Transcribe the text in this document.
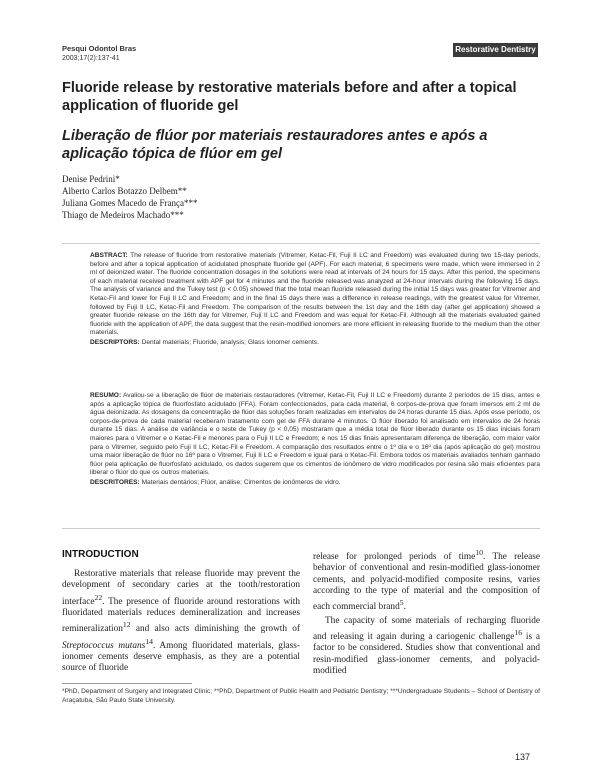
Pesqui Odontol Bras
2003;17(2):137-41
Restorative Dentistry
Fluoride release by restorative materials before and after a topical application of fluoride gel
Liberação de flúor por materiais restauradores antes e após a aplicação tópica de flúor em gel
Denise Pedrini*
Alberto Carlos Botazzo Delbem**
Juliana Gomes Macedo de França***
Thiago de Medeiros Machado***
ABSTRACT: The release of fluoride from restorative materials (Vitremer, Ketac-Fil, Fuji II LC and Freedom) was evaluated during two 15-day periods, before and after a topical application of acidulated phosphate fluoride gel (APF). For each material, 6 specimens were made, which were immersed in 2 ml of deionized water. The fluoride concentration dosages in the solutions were read at intervals of 24 hours for 15 days. After this period, the specimens of each material received treatment with APF gel for 4 minutes and the fluoride released was analyzed at 24-hour intervals during the following 15 days. The analysis of variance and the Tukey test (p < 0.05) showed that the total mean fluoride released during the initial 15 days was greater for Vitremer and Ketac-Fil and lower for Fuji II LC and Freedom; and in the final 15 days there was a difference in release readings, with the greatest value for Vitremer, followed by Fuji II LC, Ketac-Fil and Freedom. The comparison of the results between the 1st day and the 16th day (after gel application) showed a greater fluoride release on the 16th day for Vitremer, Fuji II LC and Freedom and was equal for Ketac-Fil. Although all the materials evaluated gained fluoride with the application of APF, the data suggest that the resin-modified ionomers are more efficient in releasing fluoride to the medium than the other materials.
DESCRIPTORS: Dental materials; Fluoride, analysis; Glass ionomer cements.
RESUMO: Avaliou-se a liberação de flúor de materiais restauradores (Vitremer, Ketac-Fil, Fuji II LC e Freedom) durante 2 períodos de 15 dias, antes e após a aplicação tópica de fluorfosfato acidulado (FFA). Foram confeccionados, para cada material, 6 corpos-de-prova que foram imersos em 2 ml de água deionizada. As dosagens da concentração de flúor das soluções foram realizadas em intervalos de 24 horas durante 15 dias. Após esse período, os corpos-de-prova de cada material receberam tratamento com gel de FFA durante 4 minutos. O flúor liberado foi analisado em intervalos de 24 horas durante 15 dias. A análise de variância e o teste de Tukey (p < 0,05) mostraram que a média total de flúor liberado durante os 15 dias iniciais foram maiores para o Vitremer e o Ketac-Fil e menores para o Fuji II LC e Freedom; e nos 15 dias finais apresentaram diferença de liberação, com maior valor para o Vitremer, seguido pelo Fuji II LC, Ketac-Fil e Freedom. A comparação dos resultados entre o 1º dia e o 16º dia (após aplicação do gel) mostrou uma maior liberação de flúor no 16º para o Vitremer, Fuji II LC e Freedom e igual para o Ketac-Fil. Embora todos os materiais avaliados tenham ganhado flúor pela aplicação de fluorfosfato acidulado, os dados sugerem que os cimentos de ionômero de vidro modificados por resina são mais eficientes para liberar o flúor do que os outros materiais.
DESCRITORES: Materiais dentários; Flúor, análise; Cimentos de ionômeros de vidro.
INTRODUCTION

Restorative materials that release fluoride may prevent the development of secondary caries at the tooth/restoration interface$^{22}$. The presence of fluoride around restorations with fluoridated materials reduces demineralization and increases remineralization$^{12}$ and also acts diminishing the growth of Streptococcus mutans$^{14}$. Among fluoridated materials, glass-ionomer cements deserve emphasis, as they are a potential source of fluoride

release for prolonged periods of time$^{10}$. The release behavior of conventional and resin-modified glass-ionomer cements, and polyacid-modified composite resins, varies according to the type of material and the composition of each commercial brand$^5$.

The capacity of some materials of recharging fluoride and releasing it again during a cariogenic challenge$^{16}$ is a factor to be considered. Studies show that conventional and resin-modified glass-ionomer cements, and polyacid-modified

*PhD, Department of Surgery and Integrated Clinic; **PhD, Department of Public Health and Pediatric Dentistry; ***Undergraduate Students – School of Dentistry of Araçatuba, São Paulo State University.
137
